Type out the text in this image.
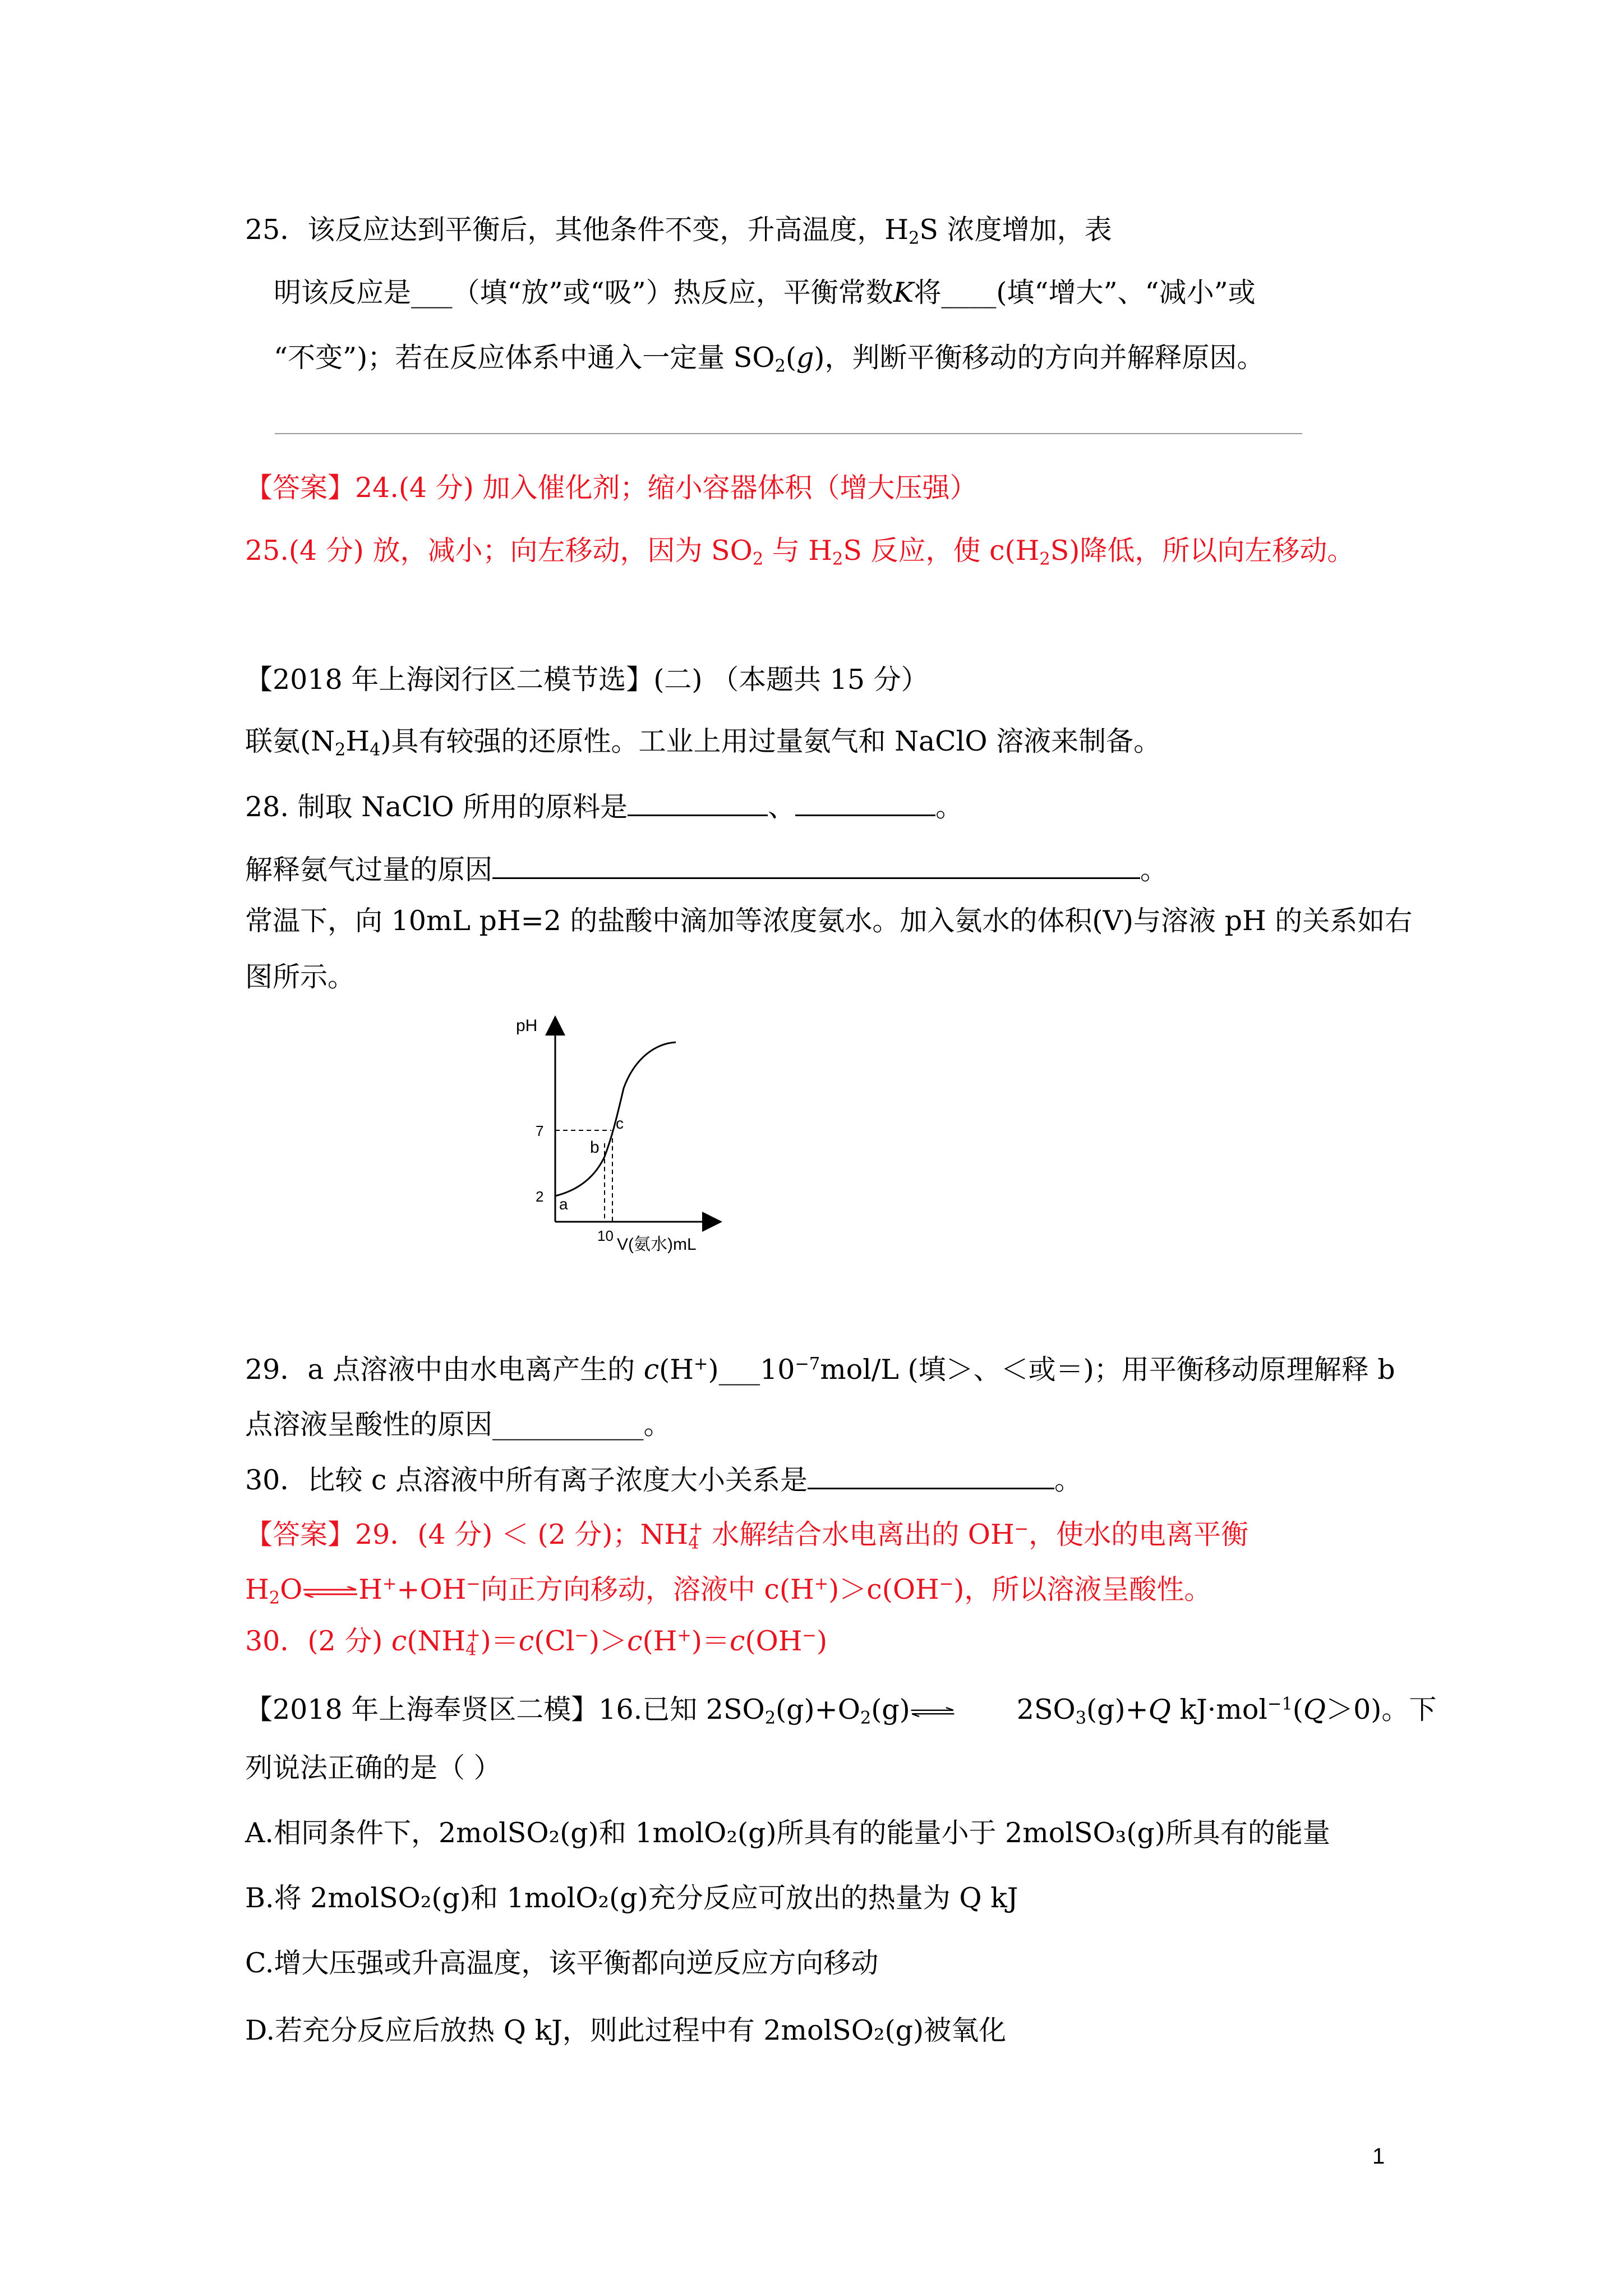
25．该反应达到平衡后，其他条件不变，升高温度，$H_2S$ 浓度增加，表
明该反应是___（填“放”或“吸”）热反应，平衡常数K将____(填“增大”、“减小”或
“不变”)；若在反应体系中通入一定量 $SO_2(g)$，判断平衡移动的方向并解释原因。
【答案】24.(4 分) 加入催化剂；缩小容器体积（增大压强）
25.(4 分) 放，减小；向左移动，因为 $SO_2$ 与 $H_2S$ 反应，使 $c(H_2S)$降低，所以向左移动。
【2018 年上海闵行区二模节选】(二) （本题共 15 分）
联氨$(N_2H_4)$具有较强的还原性。工业上用过量氨气和 NaClO 溶液来制备。
28. 制取 NaClO 所用的原料是	、	。
解释氨气过量的原因	。
常温下，向 10mL pH=2 的盐酸中滴加等浓度氨水。加入氨水的体积(V)与溶液 pH 的关系如右
图所示。
pH
V(氨水)mL
7
2
10
a
b
c
29．a 点溶液中由水电离产生的 $c(H^+)\_\_\_10^{-7}mol/L$ (填＞、＜或＝)；用平衡移动原理解释 b
点溶液呈酸性的原因___________。
30．比较 c 点溶液中所有离子浓度大小关系是	。
【答案】29．(4 分) ＜ (2 分)；$NH_4^+$ 水解结合水电离出的 OH−，使水的电离平衡
$H_2O\rightleftharpoons H^++OH^-$向正方向移动，溶液中 c(H+)＞c(OH−)，所以溶液呈酸性。
30．(2 分) $c(NH_4^+)=c(Cl^-)>c(H^+)=c(OH^-)$
【2018 年上海奉贤区二模】16.已知 $2SO_2(g)+O_2(g)\rightleftharpoons$ $2SO_3(g)+Q$ kJ·mol$^{-1}$(Q＞0)。下
列说法正确的是（ ）
A.相同条件下，2molSO₂(g)和 1molO₂(g)所具有的能量小于 2molSO₃(g)所具有的能量
B.将 2molSO₂(g)和 1molO₂(g)充分反应可放出的热量为 Q kJ
C.增大压强或升高温度，该平衡都向逆反应方向移动
D.若充分反应后放热 Q kJ，则此过程中有 2molSO₂(g)被氧化
1
